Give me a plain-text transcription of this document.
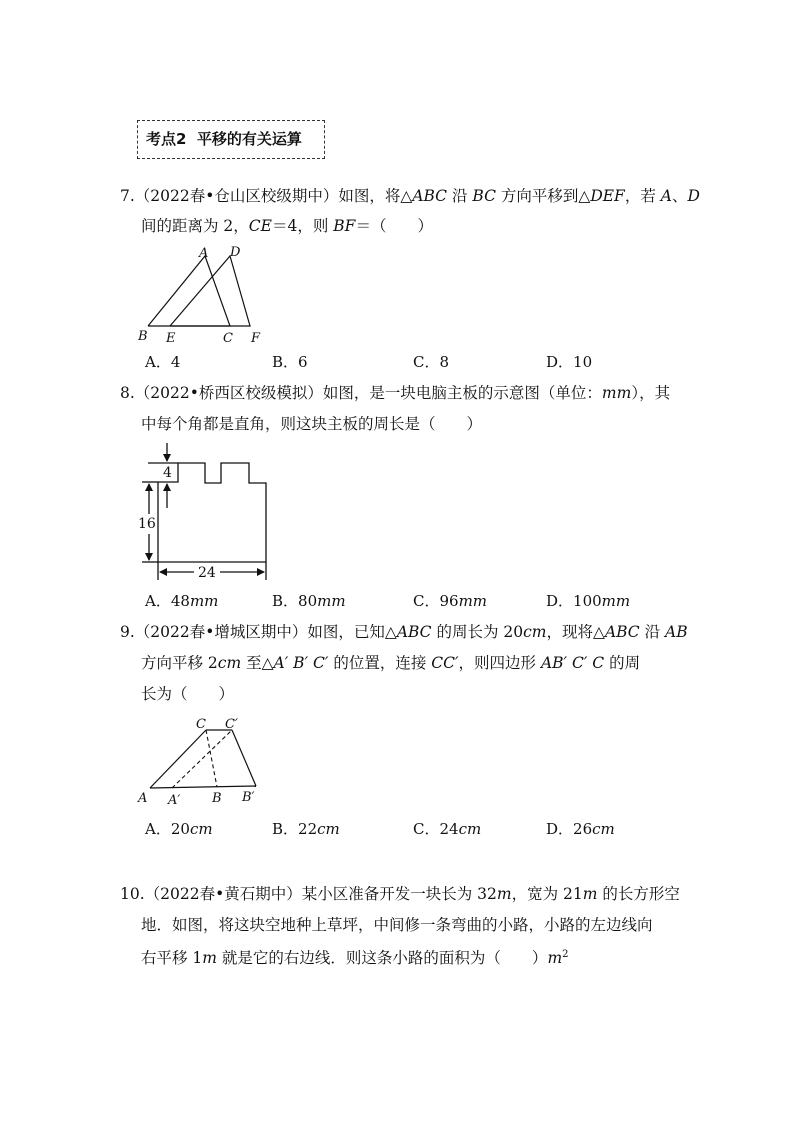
考点2 平移的有关运算
7.（2022春•仓山区校级期中）如图，将△ABC 沿 BC 方向平移到△DEF，若 A、D
间的距离为 2，CE＝4，则 BF＝（　　）
A D
B E	C F
A．4	B．6	C．8	D．10
8.（2022•桥西区校级模拟）如图，是一块电脑主板的示意图（单位：mm），其
中每个角都是直角，则这块主板的周长是（　　）
4
16
24
A．48mm	B．80mm	C．96mm	D．100mm
9.（2022春•增城区期中）如图，已知△ABC 的周长为 20cm，现将△ABC 沿 AB
方向平移 2cm 至△A′ B′ C′ 的位置，连接 CC′，则四边形 AB′ C′ C 的周
长为（　　）
C C′
A A′ B B′
A．20cm	B．22cm	C．24cm	D．26cm
10.（2022春•黄石期中）某小区准备开发一块长为 32m，宽为 21m 的长方形空
地．如图，将这块空地种上草坪，中间修一条弯曲的小路，小路的左边线向
右平移 1m 就是它的右边线．则这条小路的面积为（　　）$m^2$
